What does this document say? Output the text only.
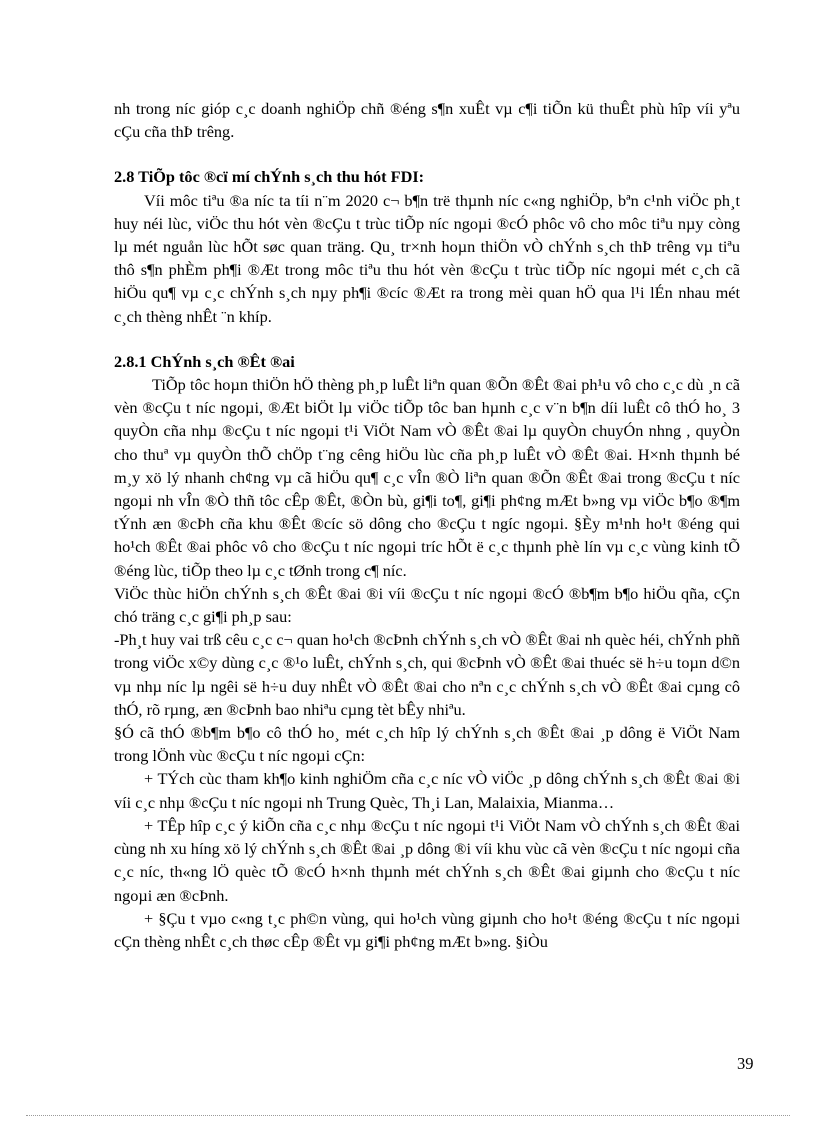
nh trong níc gióp c¸c doanh nghiÖp chñ ®éng s¶n xuÊt vµ c¶i tiÕn kü thuÊt phù hîp víi yªu cÇu cña thÞ trêng.

2.8 TiÕp tôc ®cï mí chÝnh s¸ch thu hót FDI:

Víi môc tiªu ®a níc ta tíi n¨m 2020 c¬ b¶n trë thµnh níc c«ng nghiÖp, bªn c¹nh viÖc ph¸t huy néi lùc, viÖc thu hót vèn ®cÇu t trùc tiÕp níc ngoµi ®cÓ phôc vô cho môc tiªu nµy còng lµ mét nguån lùc hÕt søc quan träng. Qu¸ tr×nh hoµn thiÖn vÒ chÝnh s¸ch thÞ trêng vµ tiªu thô s¶n phÈm ph¶i ®Æt trong môc tiªu thu hót vèn ®cÇu t trùc tiÕp níc ngoµi mét c¸ch cã hiÖu qu¶ vµ c¸c chÝnh s¸ch nµy ph¶i ®cíc ®Æt ra trong mèi quan hÖ qua l¹i lÉn nhau mét c¸ch thèng nhÊt ¨n khíp.

2.8.1 ChÝnh s¸ch ®Êt ®ai

TiÕp tôc hoµn thiÖn hÖ thèng ph¸p luÊt liªn quan ®Õn ®Êt ®ai ph¹u vô cho c¸c dù ¸n cã vèn ®cÇu t níc ngoµi, ®Æt biÖt lµ viÖc tiÕp tôc ban hµnh c¸c v¨n b¶n díi luÊt cô thÓ ho¸ 3 quyÒn cña nhµ ®cÇu t níc ngoµi t¹i ViÖt Nam vÒ ®Êt ®ai lµ quyÒn chuyÓn nhng , quyÒn cho thuª vµ quyÒn thÕ chÖp t¨ng cêng hiÖu lùc cña ph¸p luÊt vÒ ®Êt ®ai. H×nh thµnh bé m¸y xö lý nhanh ch¢ng vµ cã hiÖu qu¶ c¸c vÎn ®Ò liªn quan ®Õn ®Êt ®ai trong ®cÇu t níc ngoµi nh vÎn ®Ò thñ tôc cÊp ®Êt, ®Òn bù, gi¶i to¶, gi¶i ph¢ng mÆt b»ng vµ viÖc b¶o ®¶m tÝnh æn ®cÞh cña khu ®Êt ®cíc sö dông cho ®cÇu t ngíc ngoµi. §Èy m¹nh ho¹t ®éng qui ho¹ch ®Êt ®ai phôc vô cho ®cÇu t níc ngoµi tríc hÕt ë c¸c thµnh phè lín vµ c¸c vùng kinh tÕ ®éng lùc, tiÕp theo lµ c¸c tØnh trong c¶ níc.

ViÖc thùc hiÖn chÝnh s¸ch ®Êt ®ai ®i víi ®cÇu t níc ngoµi ®cÓ ®b¶m b¶o hiÖu qña, cÇn chó träng c¸c gi¶i ph¸p sau:

-Ph¸t huy vai trß cêu c¸c c¬ quan ho¹ch ®cÞnh chÝnh s¸ch vÒ ®Êt ®ai nh quèc héi, chÝnh phñ trong viÖc x©y dùng c¸c ®¹o luÊt, chÝnh s¸ch, qui ®cÞnh vÒ ®Êt ®ai thuéc së h÷u toµn d©n vµ nhµ níc lµ ngêi së h÷u duy nhÊt vÒ ®Êt ®ai cho nªn c¸c chÝnh s¸ch vÒ ®Êt ®ai cµng cô thÓ, rõ rµng, æn ®cÞnh bao nhiªu cµng tèt bÊy nhiªu.

§Ó cã thÓ ®b¶m b¶o cô thÓ ho¸ mét c¸ch hîp lý chÝnh s¸ch ®Êt ®ai ¸p dông ë ViÖt Nam trong lÖnh vùc ®cÇu t níc ngoµi cÇn:

+ TÝch cùc tham kh¶o kinh nghiÖm cña c¸c níc vÒ viÖc ¸p dông chÝnh s¸ch ®Êt ®ai ®i víi c¸c nhµ ®cÇu t níc ngoµi nh Trung Quèc, Th¸i Lan, Malaixia, Mianma…

+ TÊp hîp c¸c ý kiÕn cña c¸c nhµ ®cÇu t níc ngoµi t¹i ViÖt Nam vÒ chÝnh s¸ch ®Êt ®ai cùng nh xu híng xö lý chÝnh s¸ch ®Êt ®ai ¸p dông ®i víi khu vùc cã vèn ®cÇu t níc ngoµi cña c¸c níc, th«ng lÖ quèc tÕ ®cÓ h×nh thµnh mét chÝnh s¸ch ®Êt ®ai giµnh cho ®cÇu t níc ngoµi æn ®cÞnh.

+ §Çu t vµo c«ng t¸c ph©n vùng, qui ho¹ch vùng giµnh cho ho¹t ®éng ®cÇu t níc ngoµi cÇn thèng nhÊt c¸ch thøc cÊp ®Êt vµ gi¶i ph¢ng mÆt b»ng. §iÒu

39
